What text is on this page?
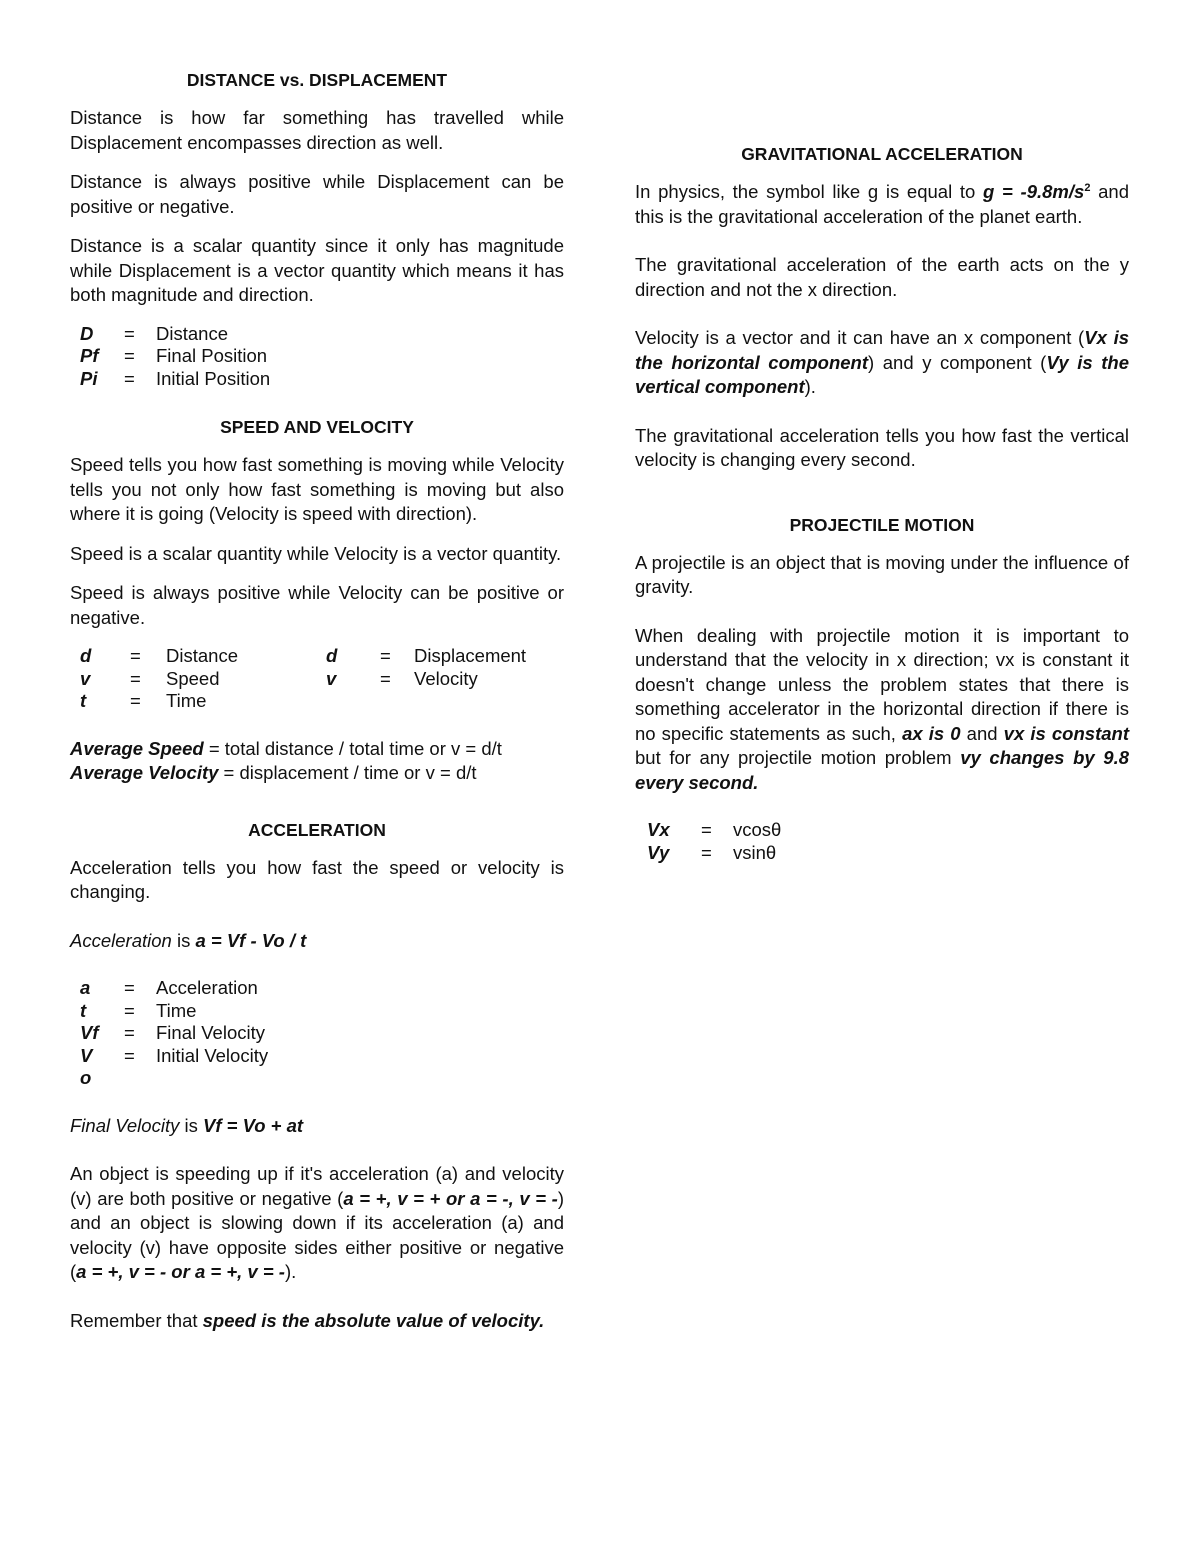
DISTANCE vs. DISPLACEMENT

Distance is how far something has travelled while Displacement encompasses direction as well.

Distance is always positive while Displacement can be positive or negative.

Distance is a scalar quantity since it only has magnitude while Displacement is a vector quantity which means it has both magnitude and direction.

D	=	Distance
Pf	=	Final Position
Pi	=	Initial Position
SPEED AND VELOCITY

Speed tells you how fast something is moving while Velocity tells you not only how fast something is moving but also where it is going (Velocity is speed with direction).

Speed is a scalar quantity while Velocity is a vector quantity.

Speed is always positive while Velocity can be positive or negative.

d	=	Distance	d	=	Displacement
v	=	Speed	v	=	Velocity
t	=	Time			

Average Speed = total distance / total time or v = d/t
Average Velocity = displacement / time or v = d/t

ACCELERATION

Acceleration tells you how fast the speed or velocity is changing.

Acceleration is a = Vf - Vo / t

a	=	Acceleration
t	=	Time
Vf	=	Final Velocity
V	=	Initial Velocity
o		

Final Velocity is Vf = Vo + at

An object is speeding up if it's acceleration (a) and velocity (v) are both positive or negative (a = +, v = + or a = -, v = -) and an object is slowing down if its acceleration (a) and velocity (v) have opposite sides either positive or negative (a = +, v = - or a = +, v = -).

Remember that speed is the absolute value of velocity.

GRAVITATIONAL ACCELERATION

In physics, the symbol like g is equal to $g = -9.8m/s^2$ and this is the gravitational acceleration of the planet earth.

The gravitational acceleration of the earth acts on the y direction and not the x direction.

Velocity is a vector and it can have an x component (Vx is the horizontal component) and y component (Vy is the vertical component).

The gravitational acceleration tells you how fast the vertical velocity is changing every second.

PROJECTILE MOTION

A projectile is an object that is moving under the influence of gravity.

When dealing with projectile motion it is important to understand that the velocity in x direction; vx is constant it doesn't change unless the problem states that there is something accelerator in the horizontal direction if there is no specific statements as such, ax is 0 and vx is constant but for any projectile motion problem vy changes by 9.8 every second.

Vx	=	vcosθ
Vy	=	vsinθ
